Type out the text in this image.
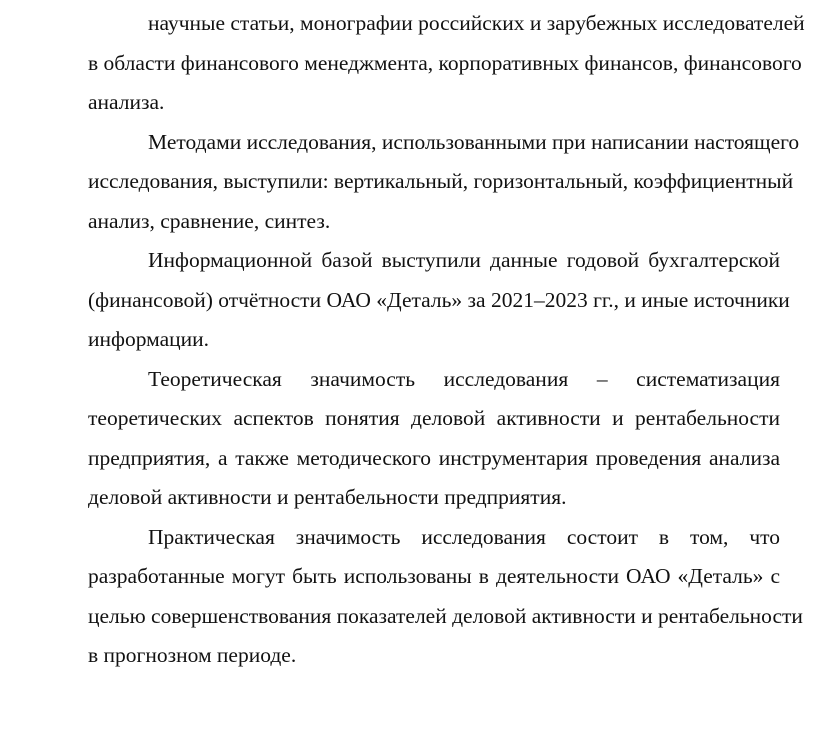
научные статьи, монографии российских и зарубежных исследователей
в области финансового менеджмента, корпоративных финансов, финансового
анализа.

Методами исследования, использованными при написании настоящего
исследования, выступили: вертикальный, горизонтальный, коэффициентный
анализ, сравнение, синтез.

Информационной базой выступили данные годовой бухгалтерской
(финансовой) отчётности ОАО «Деталь» за 2021–2023 гг., и иные источники
информации.

Теоретическая значимость исследования – систематизация
теоретических аспектов понятия деловой активности и рентабельности
предприятия, а также методического инструментария проведения анализа
деловой активности и рентабельности предприятия.

Практическая значимость исследования состоит в том, что
разработанные могут быть использованы в деятельности ОАО «Деталь» с
целью совершенствования показателей деловой активности и рентабельности
в прогнозном периоде.
